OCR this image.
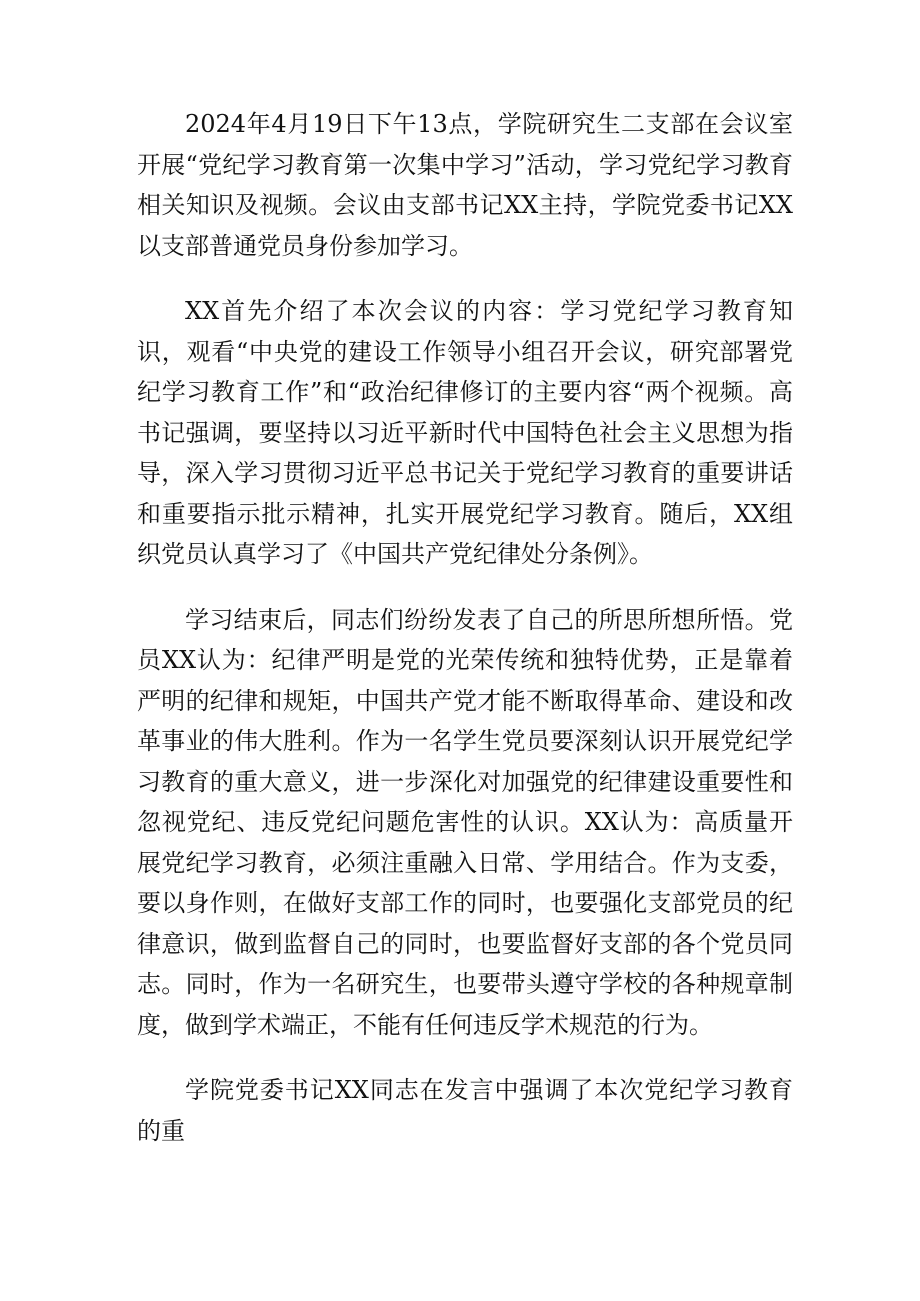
2024年4月19日下午13点，学院研究生二支部在会议室开展“党纪学习教育第一次集中学习”活动，学习党纪学习教育相关知识及视频。会议由支部书记XX主持，学院党委书记XX以支部普通党员身份参加学习。

XX首先介绍了本次会议的内容：学习党纪学习教育知识，观看“中央党的建设工作领导小组召开会议，研究部署党纪学习教育工作”和“政治纪律修订的主要内容“两个视频。高书记强调，要坚持以习近平新时代中国特色社会主义思想为指导，深入学习贯彻习近平总书记关于党纪学习教育的重要讲话和重要指示批示精神，扎实开展党纪学习教育。随后，XX组织党员认真学习了《中国共产党纪律处分条例》。

学习结束后，同志们纷纷发表了自己的所思所想所悟。党员XX认为：纪律严明是党的光荣传统和独特优势，正是靠着严明的纪律和规矩，中国共产党才能不断取得革命、建设和改革事业的伟大胜利。作为一名学生党员要深刻认识开展党纪学习教育的重大意义，进一步深化对加强党的纪律建设重要性和忽视党纪、违反党纪问题危害性的认识。XX认为：高质量开展党纪学习教育，必须注重融入日常、学用结合。作为支委，要以身作则，在做好支部工作的同时，也要强化支部党员的纪律意识，做到监督自己的同时，也要监督好支部的各个党员同志。同时，作为一名研究生，也要带头遵守学校的各种规章制度，做到学术端正，不能有任何违反学术规范的行为。

学院党委书记XX同志在发言中强调了本次党纪学习教育的重
